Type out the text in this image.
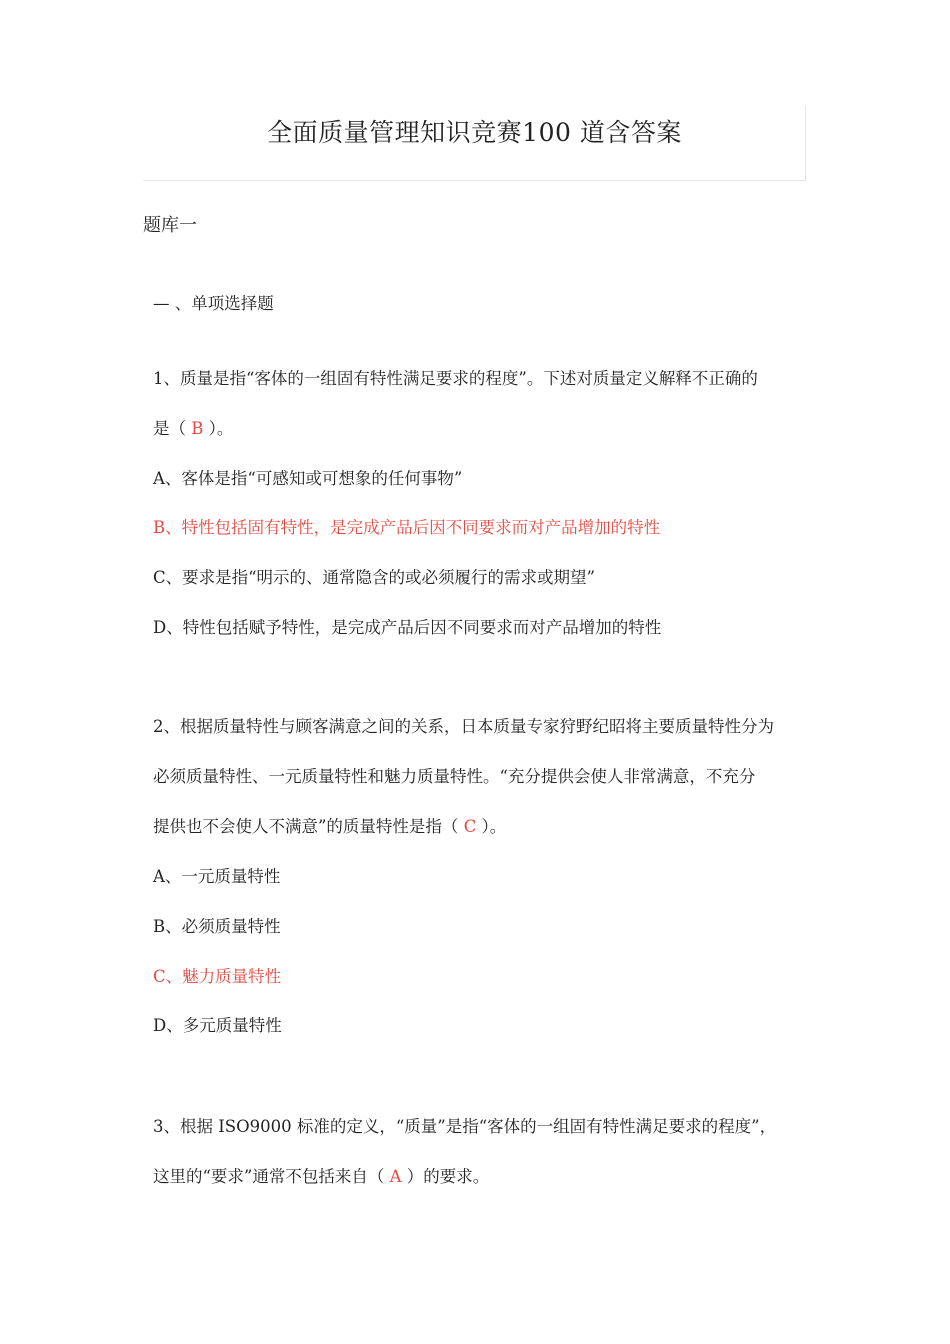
全面质量管理知识竞赛100 道含答案
题库一
— 、单项选择题
1、质量是指“客体的一组固有特性满足要求的程度”。下述对质量定义解释不正确的
是（ B ）。
A、客体是指“可感知或可想象的任何事物”
B、特性包括固有特性，是完成产品后因不同要求而对产品增加的特性
C、要求是指“明示的、通常隐含的或必须履行的需求或期望”
D、特性包括赋予特性，是完成产品后因不同要求而对产品增加的特性
2、根据质量特性与顾客满意之间的关系，日本质量专家狩野纪昭将主要质量特性分为
必须质量特性、一元质量特性和魅力质量特性。“充分提供会使人非常满意，不充分
提供也不会使人不满意”的质量特性是指（ C ）。
A、一元质量特性
B、必须质量特性
C、魅力质量特性
D、多元质量特性
3、根据 ISO9000 标准的定义，“质量”是指“客体的一组固有特性满足要求的程度”，
这里的“要求”通常不包括来自（ A ）的要求。
